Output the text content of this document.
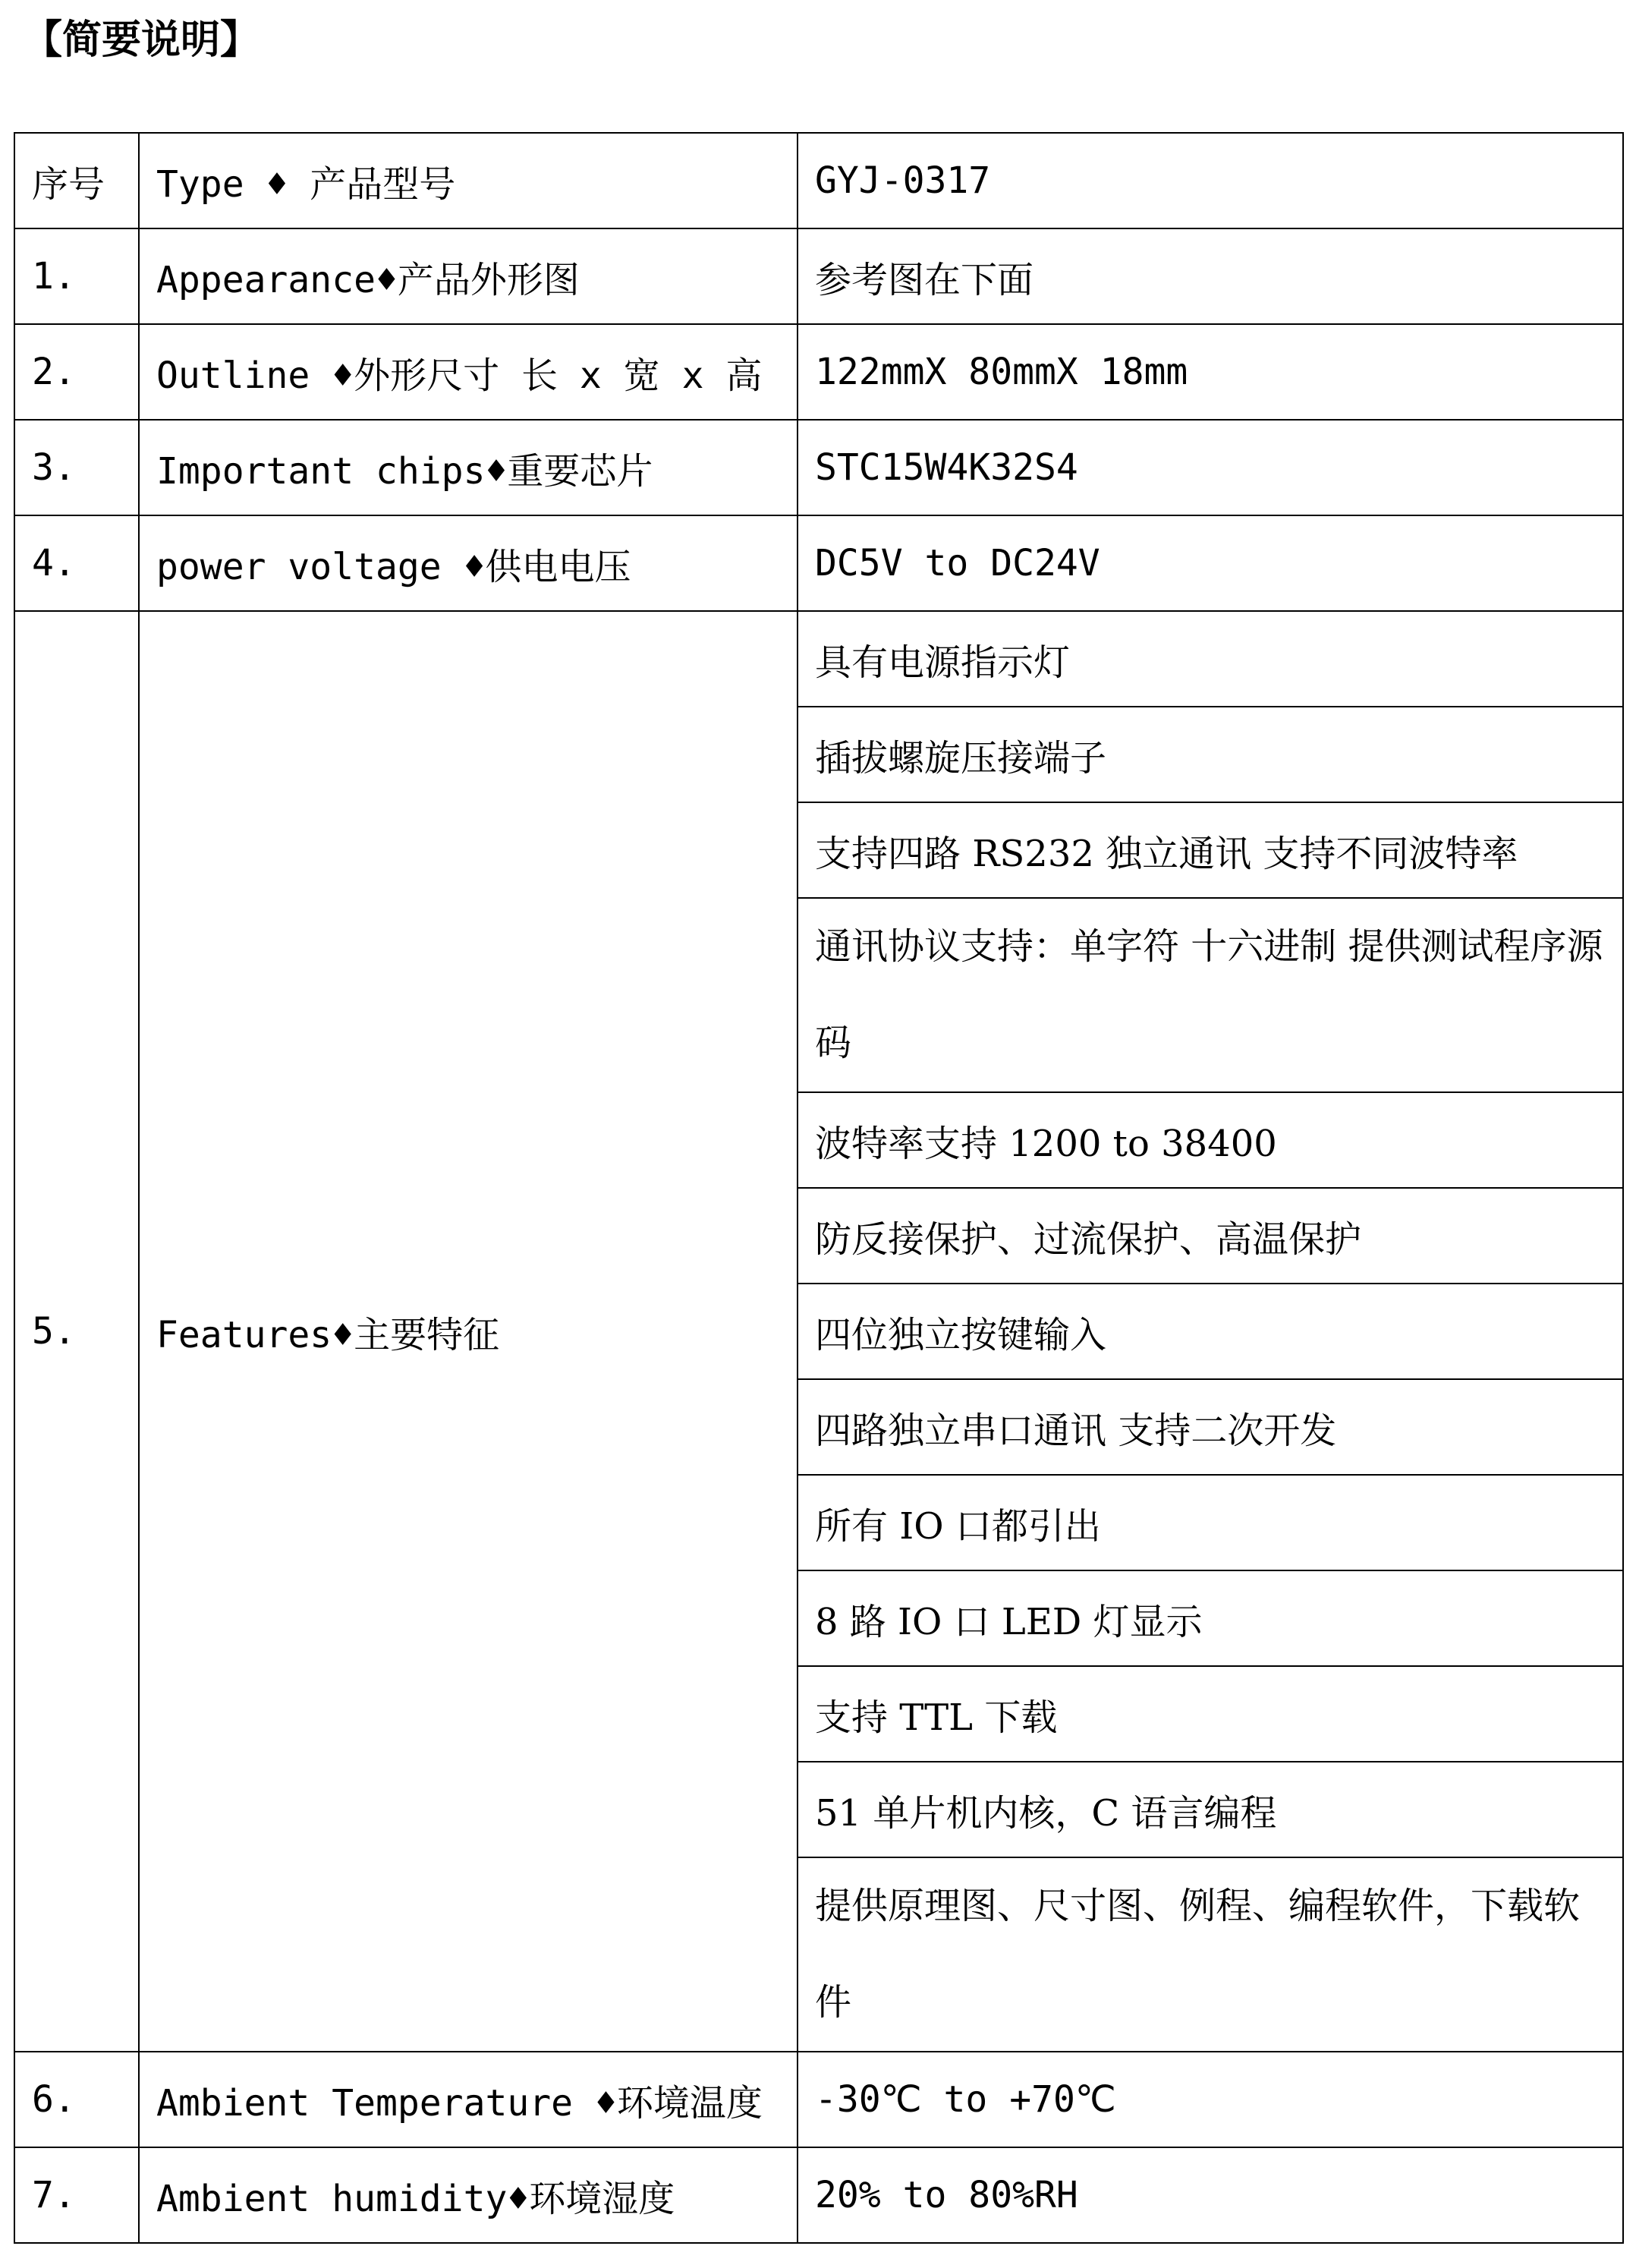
【简要说明】
序号	Type ♦ 产品型号	GYJ-0317
1.	Appearance♦产品外形图	参考图在下面
2.	Outline ♦外形尺寸 长 x 宽 x 高	122mmX 80mmX 18mm
3.	Important chips♦重要芯片	STC15W4K32S4
4.	power voltage ♦供电电压	DC5V to DC24V
5.	Features♦主要特征	具有电源指示灯
		插拔螺旋压接端子
		支持四路 RS232 独立通讯 支持不同波特率
		通讯协议支持：单字符 十六进制 提供测试程序源码
		波特率支持 1200 to 38400
		防反接保护、过流保护、高温保护
		四位独立按键输入
		四路独立串口通讯 支持二次开发
		所有 IO 口都引出
		8 路 IO 口 LED 灯显示
		支持 TTL 下载
		51 单片机内核，C 语言编程
		提供原理图、尺寸图、例程、编程软件，下载软件
6.	Ambient Temperature ♦环境温度	-30℃ to +70℃
7.	Ambient humidity♦环境湿度	20% to 80%RH
